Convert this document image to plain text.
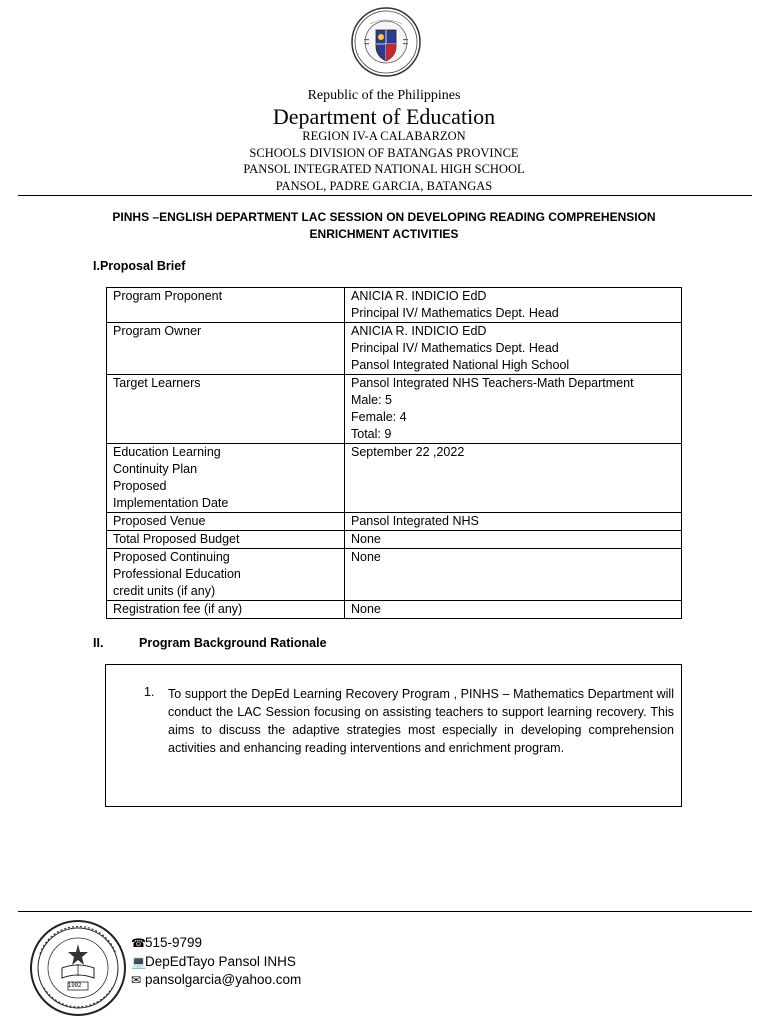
Republic of the Philippines
Department of Education
REGION IV-A CALABARZON
SCHOOLS DIVISION OF BATANGAS PROVINCE
PANSOL INTEGRATED NATIONAL HIGH SCHOOL
PANSOL, PADRE GARCIA, BATANGAS
PINHS –ENGLISH DEPARTMENT LAC SESSION ON DEVELOPING READING COMPREHENSION
ENRICHMENT ACTIVITIES
I.Proposal Brief
Program Proponent	ANICIA R. INDICIO EdD
Principal IV/ Mathematics Dept. Head

Program Owner	ANICIA R. INDICIO EdD
Principal IV/ Mathematics Dept. Head
Pansol Integrated National High School

Target Learners	Pansol Integrated NHS Teachers-Math Department
Male: 5
Female: 4
Total: 9

Education Learning
Continuity Plan
Proposed
Implementation Date	September 22 ,2022

Proposed Venue	Pansol Integrated NHS

Total Proposed Budget	None

Proposed Continuing
Professional Education
credit units (if any)	None

Registration fee (if any)	None
II.	Program Background Rationale
1. To support the DepEd Learning Recovery Program , PINHS – Mathematics Department will conduct the LAC Session focusing on assisting teachers to support learning recovery. This aims to discuss the adaptive strategies most especially in developing comprehension activities and enhancing reading interventions and enrichment program.
1992
☎515-9799
💻DepEdTayo Pansol INHS
✉ pansolgarcia@yahoo.com
